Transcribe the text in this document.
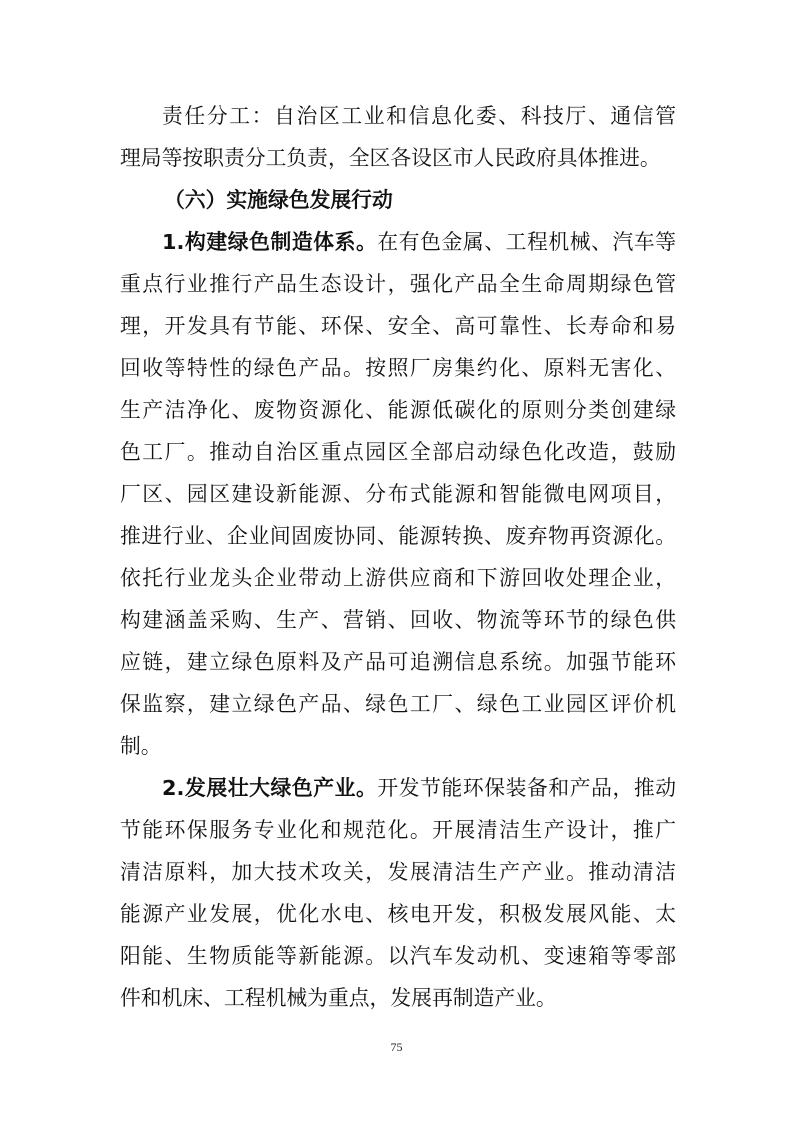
责任分工：自治区工业和信息化委、科技厅、通信管
理局等按职责分工负责，全区各设区市人民政府具体推进。
（六）实施绿色发展行动
1.构建绿色制造体系。在有色金属、工程机械、汽车等
重点行业推行产品生态设计，强化产品全生命周期绿色管
理，开发具有节能、环保、安全、高可靠性、长寿命和易
回收等特性的绿色产品。按照厂房集约化、原料无害化、
生产洁净化、废物资源化、能源低碳化的原则分类创建绿
色工厂。推动自治区重点园区全部启动绿色化改造，鼓励
厂区、园区建设新能源、分布式能源和智能微电网项目，
推进行业、企业间固废协同、能源转换、废弃物再资源化。
依托行业龙头企业带动上游供应商和下游回收处理企业，
构建涵盖采购、生产、营销、回收、物流等环节的绿色供
应链，建立绿色原料及产品可追溯信息系统。加强节能环
保监察，建立绿色产品、绿色工厂、绿色工业园区评价机
制。
2.发展壮大绿色产业。开发节能环保装备和产品，推动
节能环保服务专业化和规范化。开展清洁生产设计，推广
清洁原料，加大技术攻关，发展清洁生产产业。推动清洁
能源产业发展，优化水电、核电开发，积极发展风能、太
阳能、生物质能等新能源。以汽车发动机、变速箱等零部
件和机床、工程机械为重点，发展再制造产业。
75
